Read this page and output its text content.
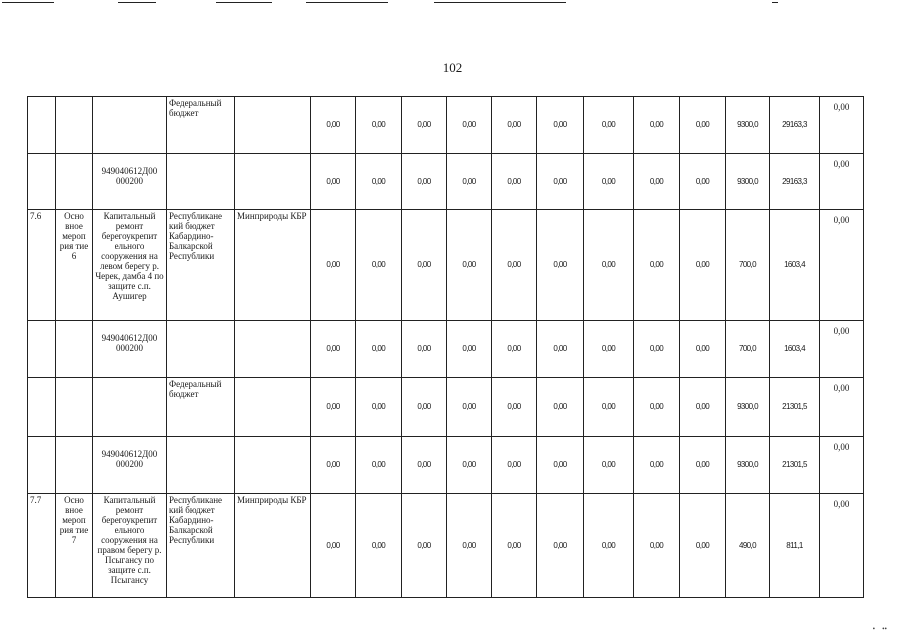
102
			Федеральный бюджет		0,00	0,00	0,00	0,00	0,00	0,00	0,00	0,00	0,00	9300,0	29163,3	0,00
		949040612Д00 000200			0,00	0,00	0,00	0,00	0,00	0,00	0,00	0,00	0,00	9300,0	29163,3	0,00
7.6	Осно вное мероп рия тие 6	Капитальный ремонт берегоукрепит ельного сооружения на левом берегу р. Черек, дамба 4 по защите с.п. Аушигер	Республикане кий бюджет Кабардино-Балкарской Республики	Минприроды КБР	0,00	0,00	0,00	0,00	0,00	0,00	0,00	0,00	0,00	700,0	1603,4	0,00
		949040612Д00 000200			0,00	0,00	0,00	0,00	0,00	0,00	0,00	0,00	0,00	700,0	1603,4	0,00
			Федеральный бюджет		0,00	0,00	0,00	0,00	0,00	0,00	0,00	0,00	0,00	9300,0	21301,5	0,00
		949040612Д00 000200			0,00	0,00	0,00	0,00	0,00	0,00	0,00	0,00	0,00	9300,0	21301,5	0,00
7.7	Осно вное мероп рия тие 7	Капитальный ремонт берегоукрепит ельного сооружения на правом берегу р. Псыгансу по защите с.п. Псыгансу	Республикане кий бюджет Кабардино-Балкарской Республики	Минприроды КБР	0,00	0,00	0,00	0,00	0,00	0,00	0,00	0,00	0,00	490,0	811,1	0,00
•    ••
